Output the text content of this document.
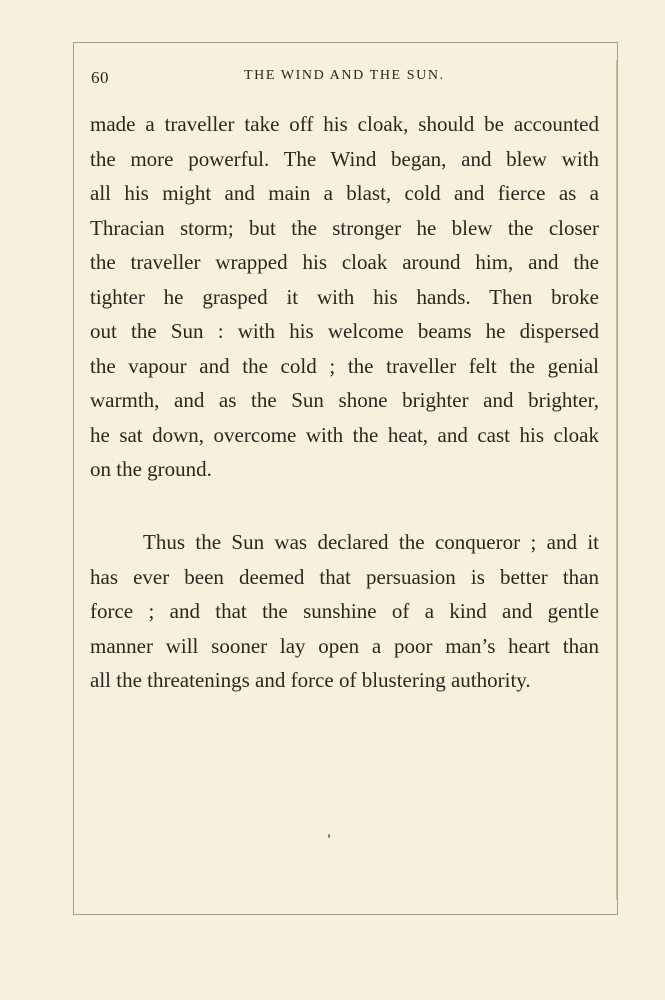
60	THE WIND AND THE SUN.

made a traveller take off his cloak, should be accounted
the more powerful. The Wind began, and blew with
all his might and main a blast, cold and fierce as a
Thracian storm; but the stronger he blew the closer
the traveller wrapped his cloak around him, and the
tighter he grasped it with his hands. Then broke
out the Sun : with his welcome beams he dispersed
the vapour and the cold ; the traveller felt the genial
warmth, and as the Sun shone brighter and brighter,
he sat down, overcome with the heat, and cast his cloak
on the ground.

Thus the Sun was declared the conqueror ; and it
has ever been deemed that persuasion is better than
force ; and that the sunshine of a kind and gentle
manner will sooner lay open a poor man’s heart than
all the threatenings and force of blustering authority.
